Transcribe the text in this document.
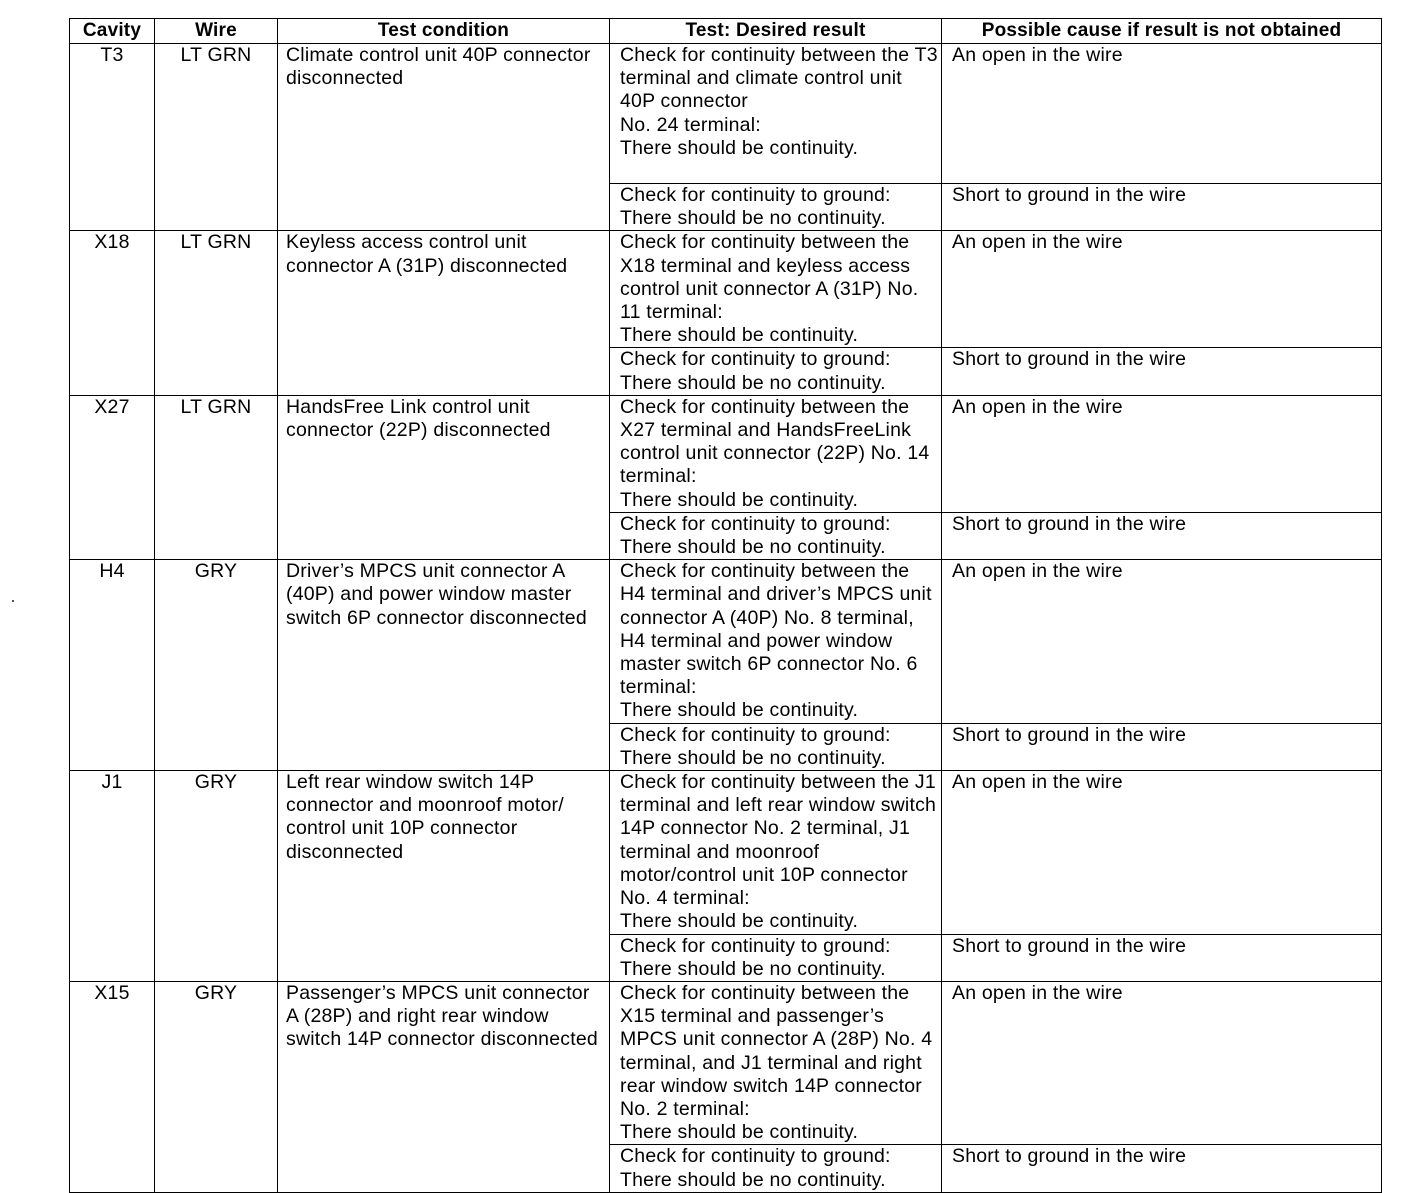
Cavity	Wire	Test condition	Test: Desired result	Possible cause if result is not obtained
T3	LT GRN	Climate control unit 40P connector disconnected	Check for continuity between the T3 terminal and climate control unit 40P connector
No. 24 terminal:
There should be continuity.	An open in the wire
			Check for continuity to ground:
There should be no continuity.	Short to ground in the wire
X18	LT GRN	Keyless access control unit connector A (31P) disconnected	Check for continuity between the X18 terminal and keyless access control unit connector A (31P) No. 11 terminal:
There should be continuity.	An open in the wire
			Check for continuity to ground:
There should be no continuity.	Short to ground in the wire
X27	LT GRN	HandsFree Link control unit connector (22P) disconnected	Check for continuity between the X27 terminal and HandsFreeLink control unit connector (22P) No. 14 terminal:
There should be continuity.	An open in the wire
			Check for continuity to ground:
There should be no continuity.	Short to ground in the wire
H4	GRY	Driver’s MPCS unit connector A (40P) and power window master switch 6P connector disconnected	Check for continuity between the H4 terminal and driver’s MPCS unit connector A (40P) No. 8 terminal, H4 terminal and power window master switch 6P connector No. 6 terminal:
There should be continuity.	An open in the wire
			Check for continuity to ground:
There should be no continuity.	Short to ground in the wire
J1	GRY	Left rear window switch 14P connector and moonroof motor/ control unit 10P connector disconnected	Check for continuity between the J1 terminal and left rear window switch 14P connector No. 2 terminal, J1 terminal and moonroof motor/control unit 10P connector No. 4 terminal:
There should be continuity.	An open in the wire
			Check for continuity to ground:
There should be no continuity.	Short to ground in the wire
X15	GRY	Passenger’s MPCS unit connector A (28P) and right rear window switch 14P connector disconnected	Check for continuity between the X15 terminal and passenger’s MPCS unit connector A (28P) No. 4 terminal, and J1 terminal and right rear window switch 14P connector No. 2 terminal:
There should be continuity.	An open in the wire
			Check for continuity to ground:
There should be no continuity.	Short to ground in the wire
